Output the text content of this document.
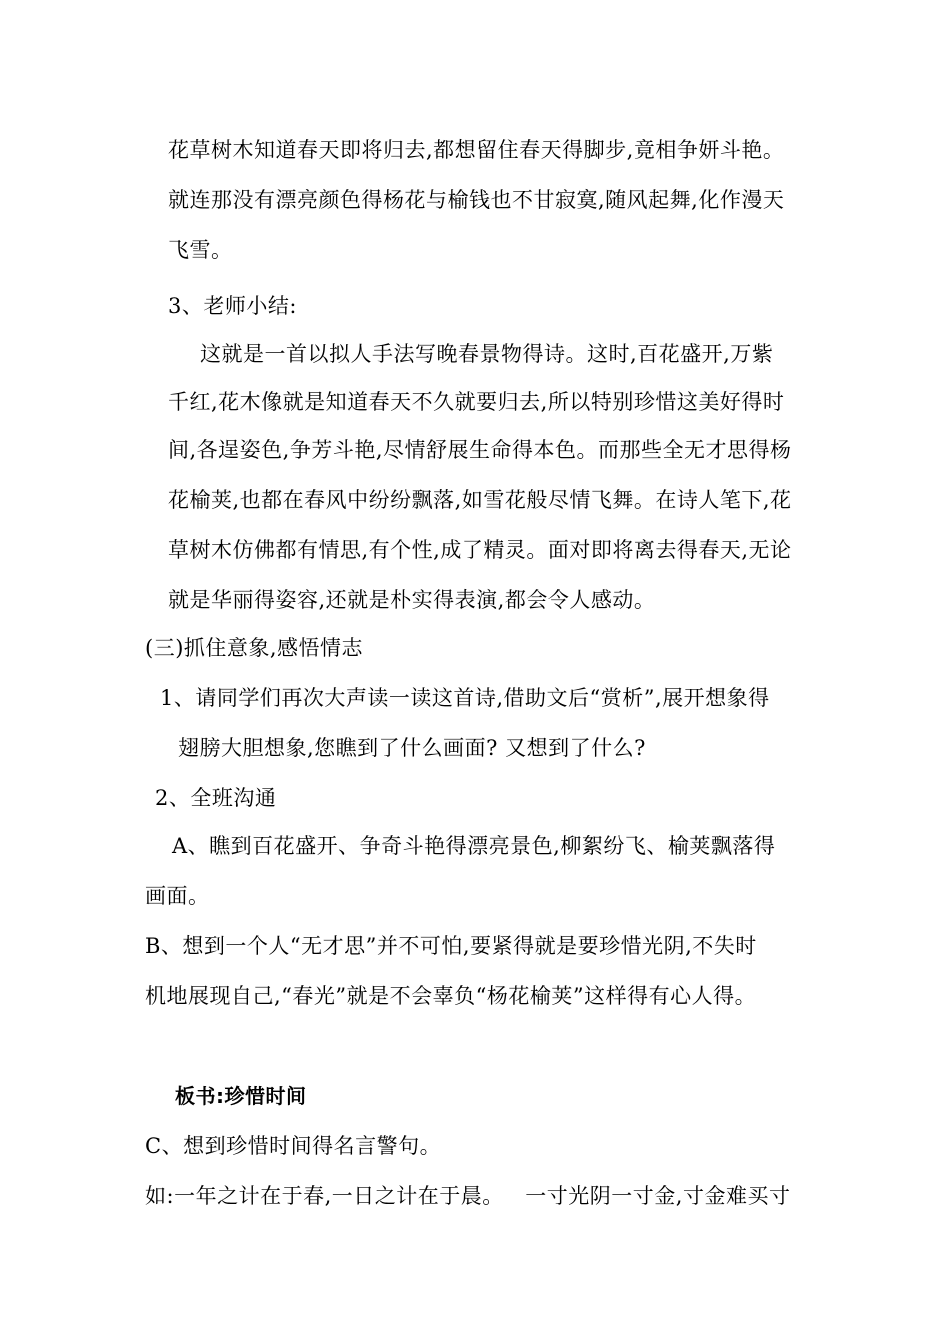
花草树木知道春天即将归去,都想留住春天得脚步,竟相争妍斗艳。
就连那没有漂亮颜色得杨花与榆钱也不甘寂寞,随风起舞,化作漫天
飞雪。
3、老师小结:
这就是一首以拟人手法写晚春景物得诗。这时,百花盛开,万紫
千红,花木像就是知道春天不久就要归去,所以特别珍惜这美好得时
间,各逞姿色,争芳斗艳,尽情舒展生命得本色。而那些全无才思得杨
花榆荚,也都在春风中纷纷飘落,如雪花般尽情飞舞。在诗人笔下,花
草树木仿佛都有情思,有个性,成了精灵。面对即将离去得春天,无论
就是华丽得姿容,还就是朴实得表演,都会令人感动。
(三)抓住意象,感悟情志
1、请同学们再次大声读一读这首诗,借助文后“赏析”,展开想象得
翅膀大胆想象,您瞧到了什么画面? 又想到了什么?
2、全班沟通
A、瞧到百花盛开、争奇斗艳得漂亮景色,柳絮纷飞、榆荚飘落得
画面。
B、想到一个人“无才思”并不可怕,要紧得就是要珍惜光阴,不失时
机地展现自己,“春光”就是不会辜负“杨花榆荚”这样得有心人得。
板书:珍惜时间
C、想到珍惜时间得名言警句。
如:一年之计在于春,一日之计在于晨。   一寸光阴一寸金,寸金难买寸
